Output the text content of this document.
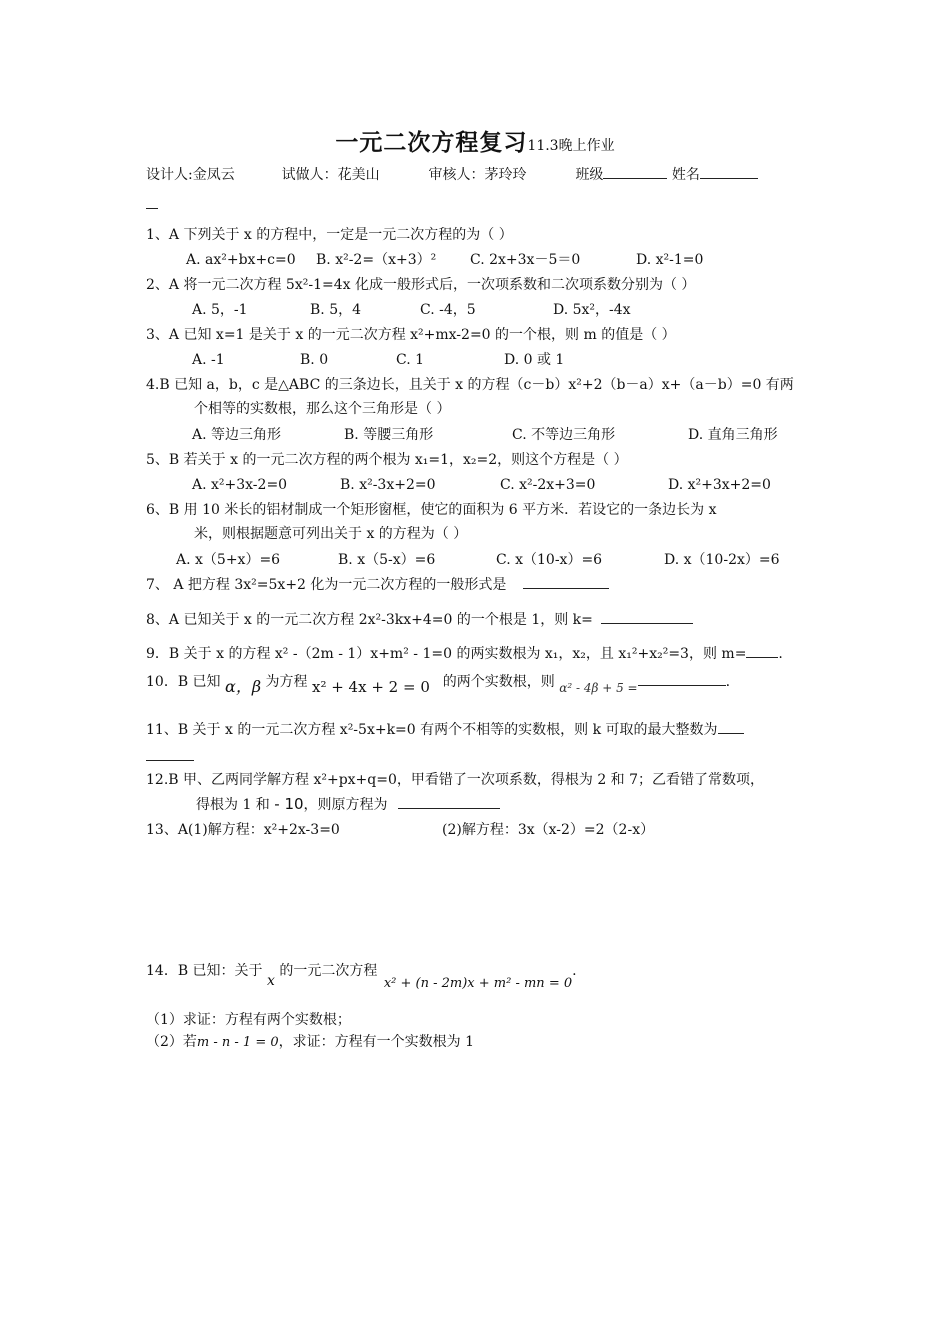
一元二次方程复习11.3晚上作业
设计人:金凤云	试做人：花美山	审核人：茅玲玲	班级	姓名
1、A 下列关于 x 的方程中，一定是一元二次方程的为（ ）
A. ax²+bx+c=0 B. x²-2=（x+3）² C. 2x+3x－5＝0	D. x²-1=0
2、A 将一元二次方程 5x²-1=4x 化成一般形式后，一次项系数和二次项系数分别为（ ）
A. 5，-1	B. 5，4	C. -4，5	D. 5x²，-4x
3、A 已知 x=1 是关于 x 的一元二次方程 x²+mx-2=0 的一个根，则 m 的值是（ ）
A. -1	B. 0	C. 1	D. 0 或 1
4.B 已知 a，b，c 是△ABC 的三条边长，且关于 x 的方程（c－b）x²+2（b－a）x+（a－b）=0 有两
个相等的实数根，那么这个三角形是（ ）
A. 等边三角形	B. 等腰三角形	C. 不等边三角形	D. 直角三角形
5、B 若关于 x 的一元二次方程的两个根为 x₁=1，x₂=2，则这个方程是（ ）
A. x²+3x-2=0	B. x²-3x+2=0	C. x²-2x+3=0	D. x²+3x+2=0
6、B 用 10 米长的铝材制成一个矩形窗框，使它的面积为 6 平方米．若设它的一条边长为 x
米，则根据题意可列出关于 x 的方程为（ ）
A. x（5+x）=6	B. x（5-x）=6	C. x（10-x）=6	D. x（10-2x）=6
7、 A 把方程 3x²=5x+2 化为一元二次方程的一般形式是
8、A 已知关于 x 的一元二次方程 2x²-3kx+4=0 的一个根是 1，则 k=
9．B 关于 x 的方程 x² -（2m - 1）x+m² - 1=0 的两实数根为 x₁，x₂，且 x₁²+x₂²=3，则 m= .
10．B 已知 α，β 为方程 x² + 4x + 2 = 0 的两个实数根，则 α² - 4β + 5 =	.
11、B 关于 x 的一元二次方程 x²-5x+k=0 有两个不相等的实数根，则 k 可取的最大整数为
12.B 甲、乙两同学解方程 x²+px+q=0，甲看错了一次项系数，得根为 2 和 7；乙看错了常数项，
得根为 1 和 - 10，则原方程为
13、A(1)解方程：x²+2x-3=0	(2)解方程：3x（x-2）=2（2-x）
14．B 已知：关于 x 的一元二次方程 x² + (n - 2m)x + m² - mn = 0.
（1）求证：方程有两个实数根；
（2）若m - n - 1 = 0，求证：方程有一个实数根为 1
